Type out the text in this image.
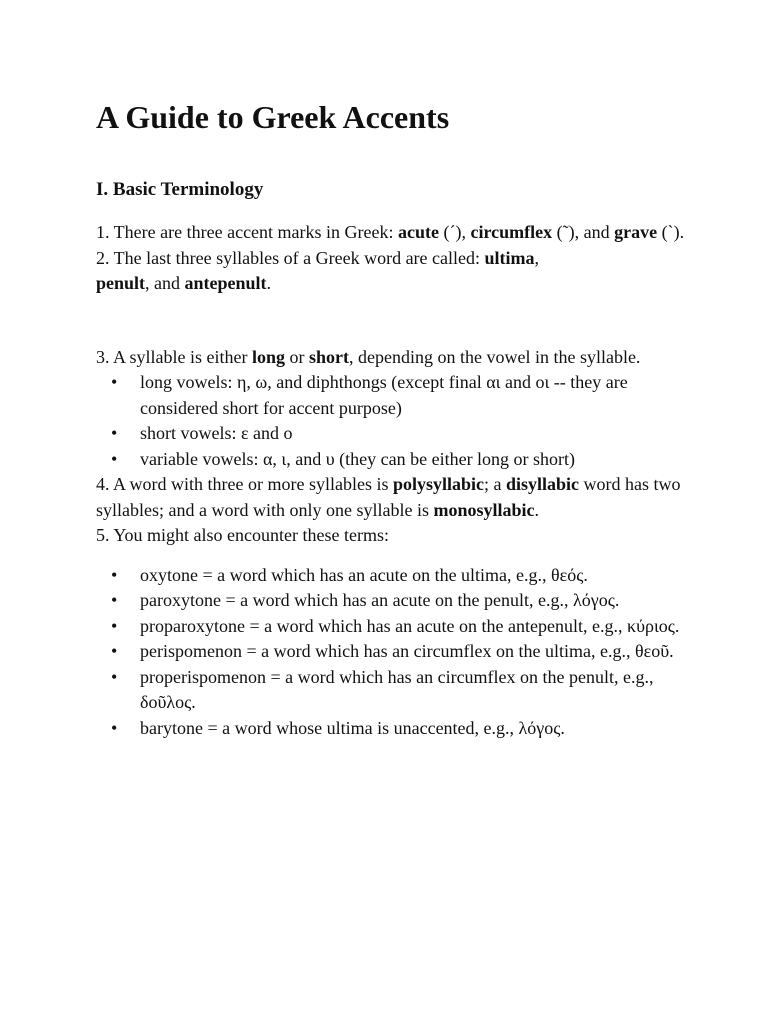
A Guide to Greek Accents
I. Basic Terminology

1. There are three accent marks in Greek: acute (´), circumflex (῀), and grave (`).

2. The last three syllables of a Greek word are called: ultima,
penult, and antepenult.

3. A syllable is either long or short, depending on the vowel in the syllable.

• long vowels: η, ω, and diphthongs (except final αι and οι -- they are considered short for accent purpose)
• short vowels: ε and ο
• variable vowels: α, ι, and υ (they can be either long or short)

4. A word with three or more syllables is polysyllabic; a disyllabic word has two syllables; and a word with only one syllable is monosyllabic.

5. You might also encounter these terms:

• oxytone = a word which has an acute on the ultima, e.g., θεός.
• paroxytone = a word which has an acute on the penult, e.g., λόγος.
• proparoxytone = a word which has an acute on the antepenult, e.g., κύριος.
• perispomenon = a word which has an circumflex on the ultima, e.g., θεοῦ.
• properispomenon = a word which has an circumflex on the penult, e.g., δοῦλος.
• barytone = a word whose ultima is unaccented, e.g., λόγος.
